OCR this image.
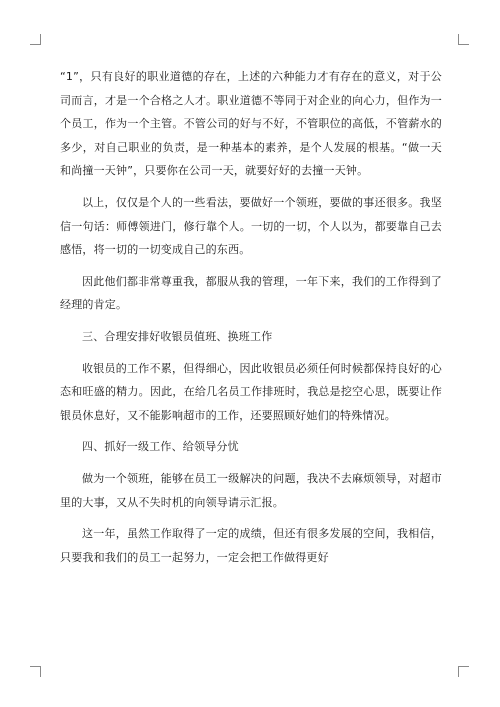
“1”，只有良好的职业道德的存在，上述的六种能力才有存在的意义，对于公司而言，才是一个合格之人才。职业道德不等同于对企业的向心力，但作为一个员工，作为一个主管。不管公司的好与不好，不管职位的高低，不管薪水的多少，对自己职业的负责，是一种基本的素养，是个人发展的根基。“做一天和尚撞一天钟”，只要你在公司一天，就要好好的去撞一天钟。

以上，仅仅是个人的一些看法，要做好一个领班，要做的事还很多。我坚信一句话：师傅领进门，修行靠个人。一切的一切，个人以为，都要靠自己去感悟，将一切的一切变成自己的东西。

因此他们都非常尊重我，都服从我的管理，一年下来，我们的工作得到了经理的肯定。

三、合理安排好收银员值班、换班工作

收银员的工作不累，但得细心，因此收银员必须任何时候都保持良好的心态和旺盛的精力。因此，在给几名员工作排班时，我总是挖空心思，既要让作银员休息好，又不能影响超市的工作，还要照顾好她们的特殊情况。

四、抓好一级工作、给领导分忧

做为一个领班，能够在员工一级解决的问题，我决不去麻烦领导，对超市里的大事，又从不失时机的向领导请示汇报。

这一年，虽然工作取得了一定的成绩，但还有很多发展的空间，我相信，只要我和我们的员工一起努力，一定会把工作做得更好
